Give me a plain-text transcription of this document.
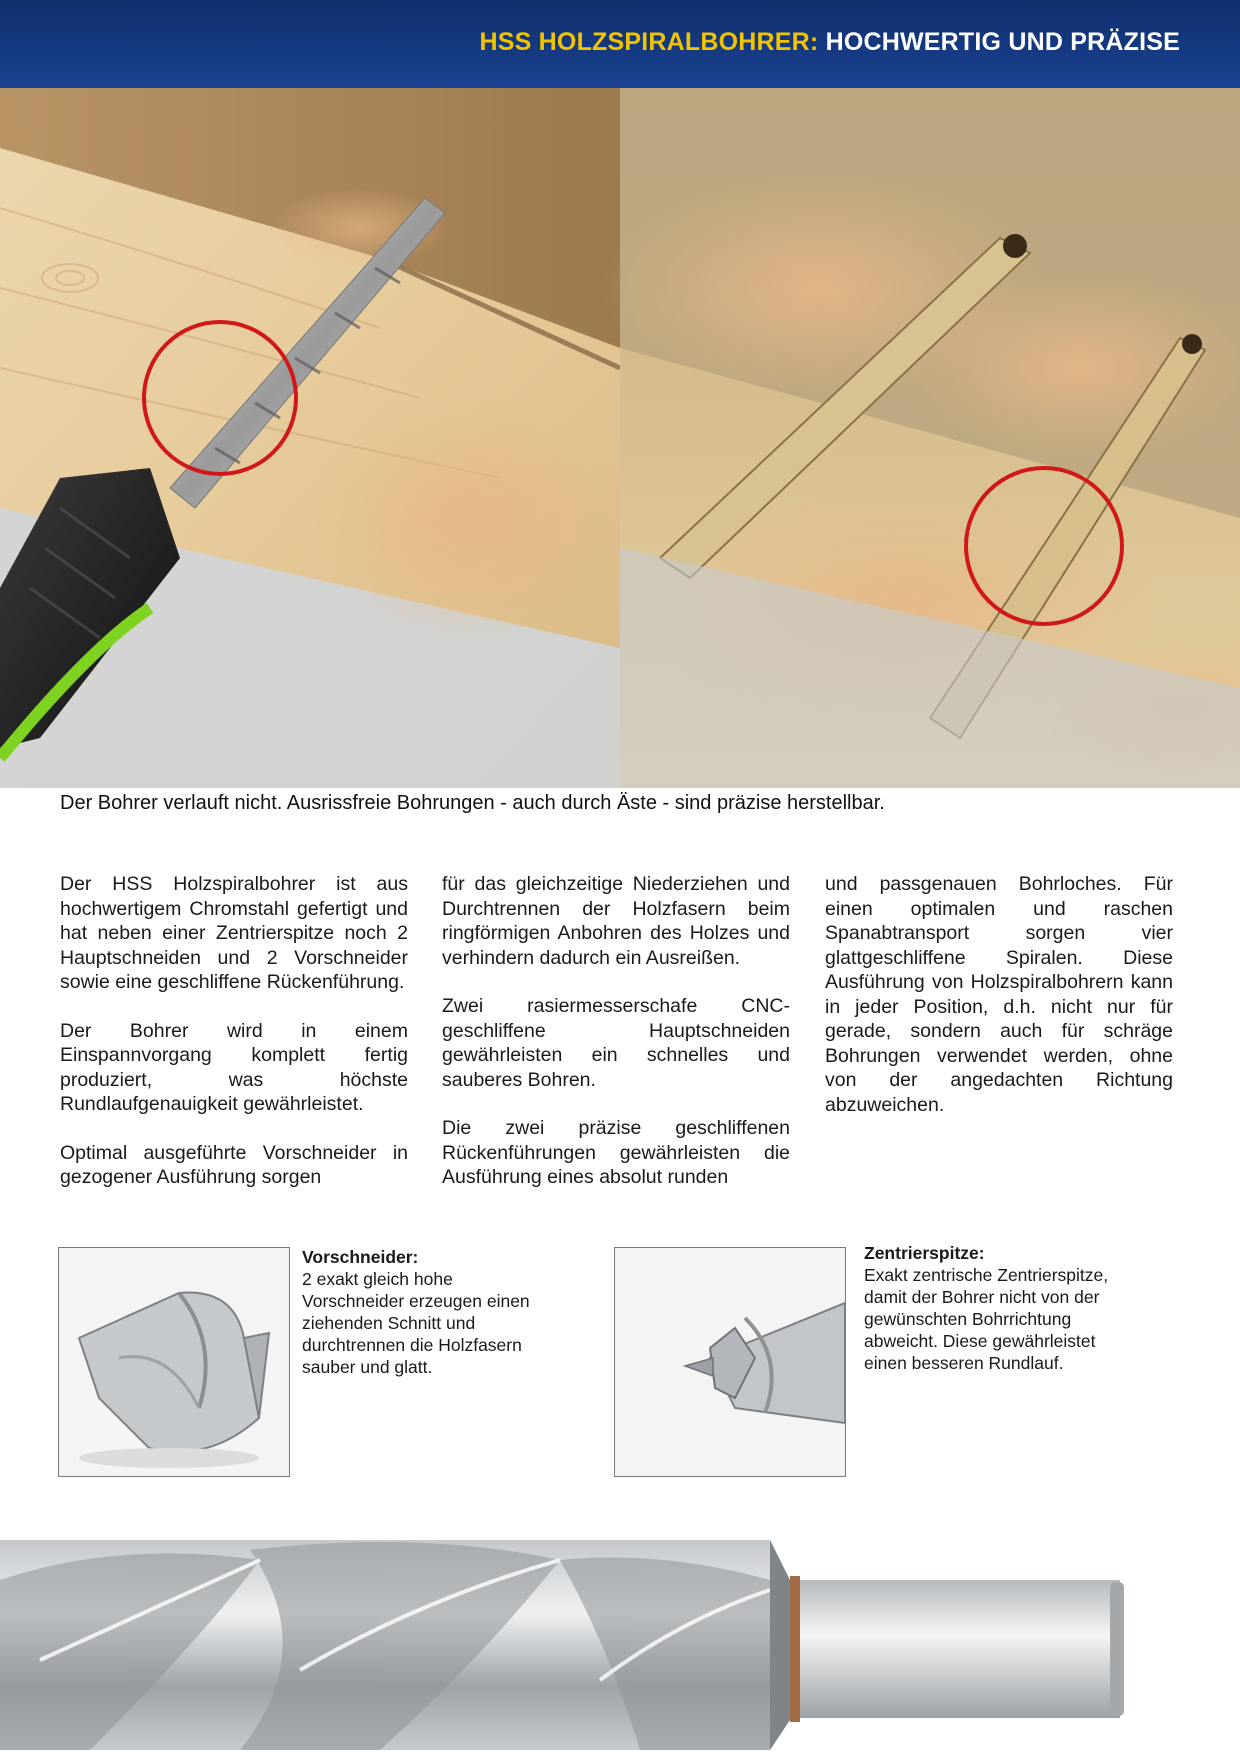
HSS HOLZSPIRALBOHRER: HOCHWERTIG UND PRÄZISE
Der Bohrer verlauft nicht. Ausrissfreie Bohrungen - auch durch Äste - sind präzise herstellbar.

Der HSS Holzspiralbohrer ist aus hochwertigem Chromstahl gefertigt und hat neben einer Zentrierspitze noch 2 Hauptschneiden und 2 Vorschneider sowie eine geschliffene Rückenführung.

Der Bohrer wird in einem Einspannvorgang komplett fertig produziert, was höchste Rundlaufgenauigkeit gewährleistet.

Optimal ausgeführte Vorschneider in gezogener Ausführung sorgen

für das gleichzeitige Niederziehen und Durchtrennen der Holzfasern beim ringförmigen Anbohren des Holzes und verhindern dadurch ein Ausreißen.

Zwei rasiermesserschafe CNC-geschliffene Hauptschneiden gewährleisten ein schnelles und sauberes Bohren.

Die zwei präzise geschliffenen Rückenführungen gewährleisten die Ausführung eines absolut runden

und passgenauen Bohrloches. Für einen optimalen und raschen Spanabtransport sorgen vier glattgeschliffene Spiralen. Diese Ausführung von Holzspiralbohrern kann in jeder Position, d.h. nicht nur für gerade, sondern auch für schräge Bohrungen verwendet werden, ohne von der angedachten Richtung abzuweichen.

Vorschneider:
2 exakt gleich hohe Vorschneider erzeugen einen ziehenden Schnitt und durchtrennen die Holzfasern sauber und glatt.
Zentrierspitze:
Exakt zentrische Zentrierspitze, damit der Bohrer nicht von der gewünschten Bohrrichtung abweicht. Diese gewährleistet einen besseren Rundlauf.
